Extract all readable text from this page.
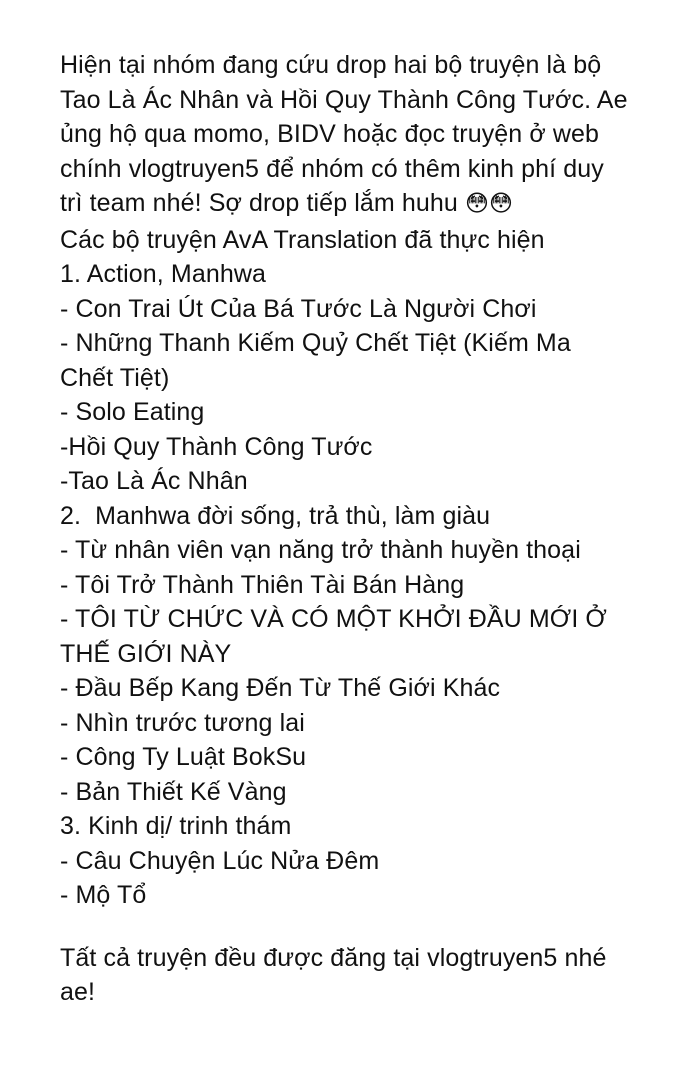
Hiện tại nhóm đang cứu drop hai bộ truyện là bộ Tao Là Ác Nhân và Hồi Quy Thành Công Tước. Ae ủng hộ qua momo, BIDV hoặc đọc truyện ở web chính vlogtruyen5 để nhóm có thêm kinh phí duy trì team nhé! Sợ drop tiếp lắm huhu 😳😳

Các bộ truyện AvA Translation đã thực hiện

1. Action, Manhwa

- Con Trai Út Của Bá Tước Là Người Chơi

- Những Thanh Kiếm Quỷ Chết Tiệt (Kiếm Ma Chết Tiệt)

- Solo Eating

-Hồi Quy Thành Công Tước

-Tao Là Ác Nhân

2.  Manhwa đời sống, trả thù, làm giàu

- Từ nhân viên vạn năng trở thành huyền thoại

- Tôi Trở Thành Thiên Tài Bán Hàng

- TÔI TỪ CHỨC VÀ CÓ MỘT KHỞI ĐẦU MỚI Ở THẾ GIỚI NÀY

- Đầu Bếp Kang Đến Từ Thế Giới Khác

- Nhìn trước tương lai

- Công Ty Luật BokSu

- Bản Thiết Kế Vàng

3. Kinh dị/ trinh thám

- Câu Chuyện Lúc Nửa Đêm

- Mộ Tổ

Tất cả truyện đều được đăng tại vlogtruyen5 nhé ae!
